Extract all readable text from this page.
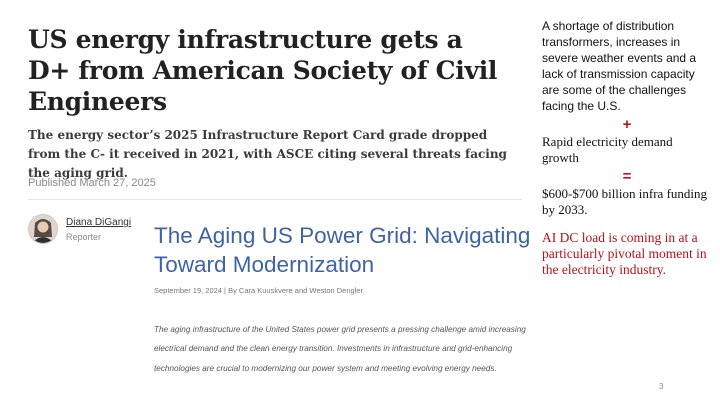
US energy infrastructure gets a D+ from American Society of Civil Engineers

The energy sector’s 2025 Infrastructure Report Card grade dropped from the C- it received in 2021, with ASCE citing several threats facing the aging grid.

Published March 27, 2025
Diana DiGangi
Reporter The Aging US Power Grid: Navigating Toward Modernization
September 19, 2024 | By Cara Kuuskvere and Weston Dengler

The aging infrastructure of the United States power grid presents a pressing challenge amid increasing electrical demand and the clean energy transition. Investments in infrastructure and grid-enhancing technologies are crucial to modernizing our power system and meeting evolving energy needs.

A shortage of distribution transformers, increases in severe weather events and a lack of transmission capacity are some of the challenges facing the U.S.

+

Rapid electricity demand growth

=

$600-$700 billion infra funding by 2033.

AI DC load is coming in at a particularly pivotal moment in the electricity industry.

3
